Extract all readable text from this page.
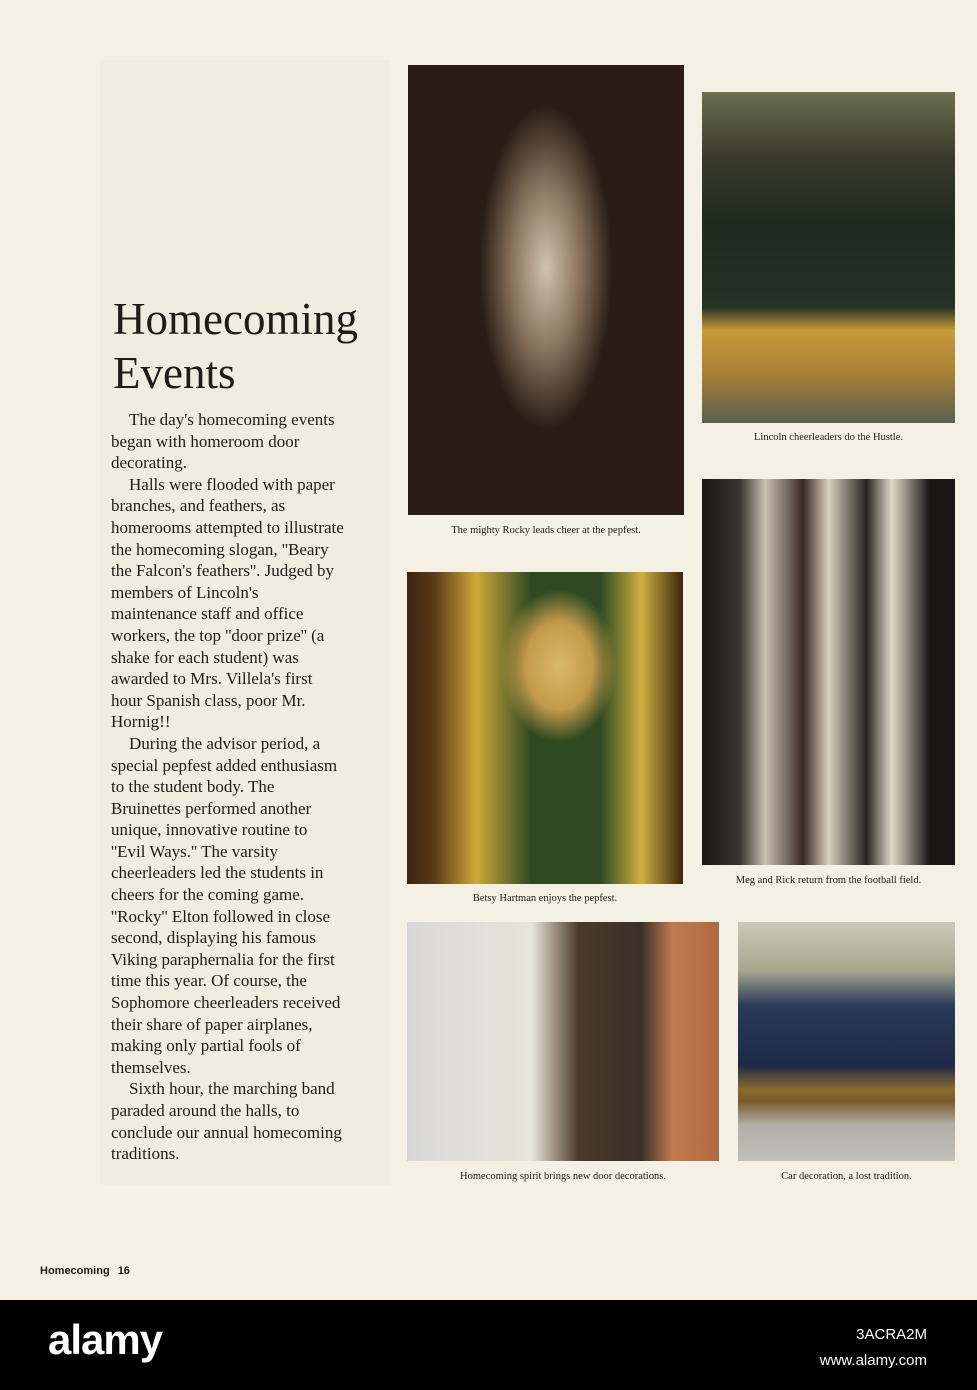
Homecoming
Events
The day's homecoming events
began with homeroom door
decorating.
Halls were flooded with paper
branches, and feathers, as
homerooms attempted to illustrate
the homecoming slogan, ''Beary
the Falcon's feathers''. Judged by
members of Lincoln's
maintenance staff and office
workers, the top ''door prize'' (a
shake for each student) was
awarded to Mrs. Villela's first
hour Spanish class, poor Mr.
Hornig!!
During the advisor period, a
special pepfest added enthusiasm
to the student body. The
Bruinettes performed another
unique, innovative routine to
''Evil Ways.'' The varsity
cheerleaders led the students in
cheers for the coming game.
''Rocky'' Elton followed in close
second, displaying his famous
Viking paraphernalia for the first
time this year. Of course, the
Sophomore cheerleaders received
their share of paper airplanes,
making only partial fools of
themselves.
Sixth hour, the marching band
paraded around the halls, to
conclude our annual homecoming
traditions.
The mighty Rocky leads cheer at the pepfest.
Lincoln cheerleaders do the Hustle.
Betsy Hartman enjoys the pepfest.
Meg and Rick return from the football field.
Homecoming spirit brings new door decorations.	Car decoration, a lost tradition.
Homecoming 16
alamy	3ACRA2M
www.alamy.com
